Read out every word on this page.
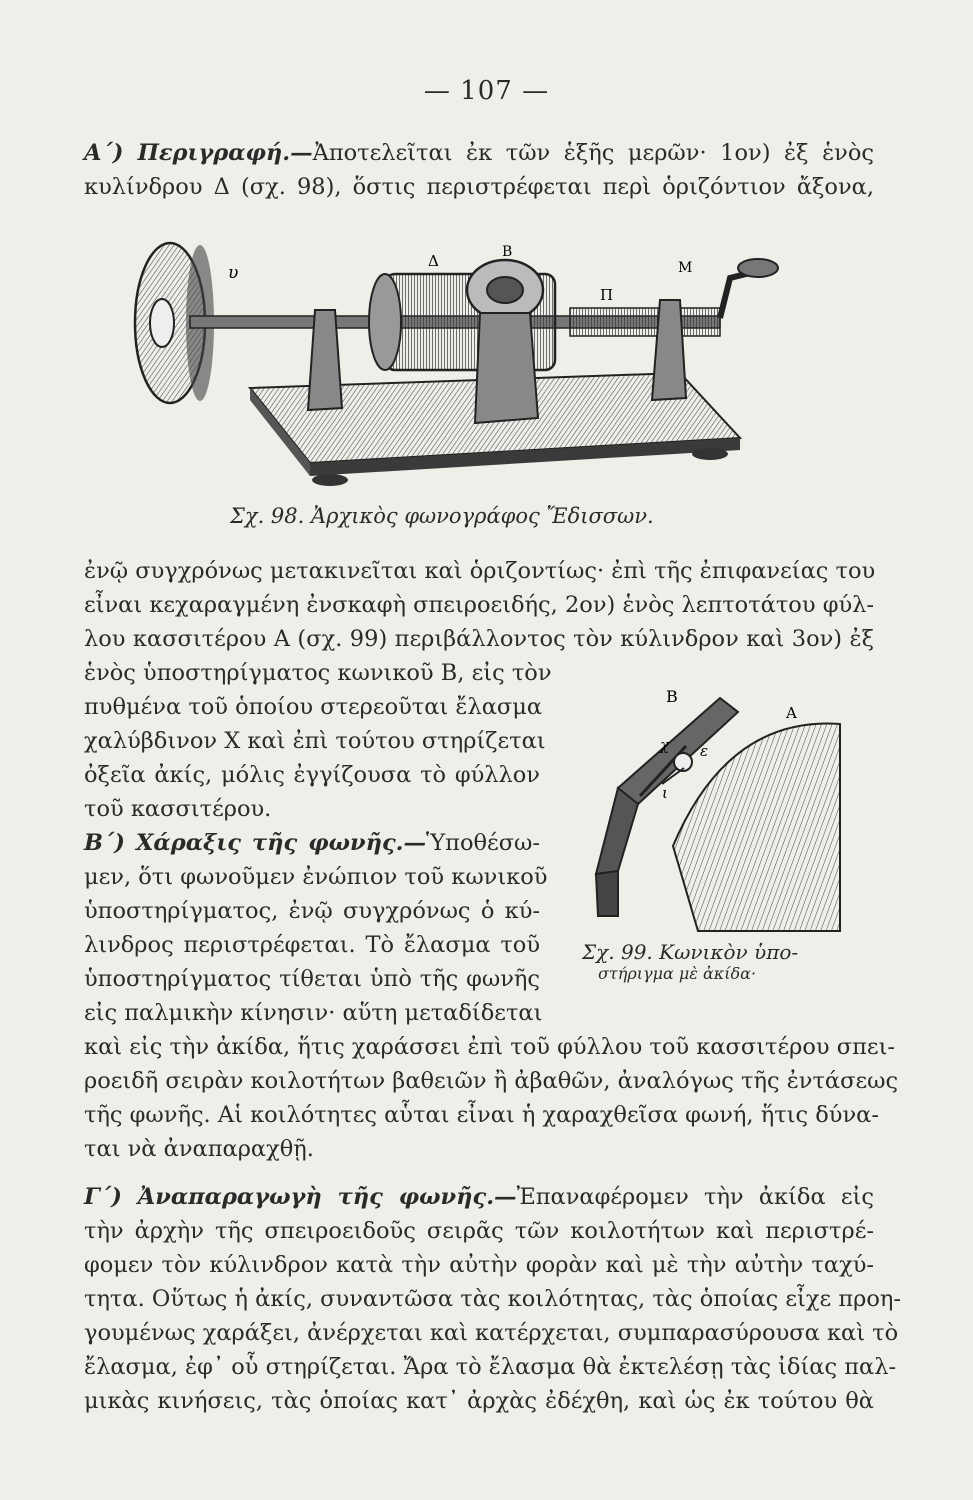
— 107 —
Α΄) Περιγραφή.—Ἀποτελεῖται ἐκ τῶν ἑξῆς μερῶν· 1ον) ἐξ ἑνὸς
κυλίνδρου Δ (σχ. 98), ὅστις περιστρέφεται περὶ ὁριζόντιον ἄξονα,
υ
Δ	Β
Π
Μ
Σχ. 98. Ἀρχικὸς φωνογράφος Ἔδισσων.
ἐνῷ συγχρόνως μετακινεῖται καὶ ὁριζοντίως· ἐπὶ τῆς ἐπιφανείας του
εἶναι κεχαραγμένη ἐνσκαφὴ σπειροειδής, 2ον) ἑνὸς λεπτοτάτου φύλ-
λου κασσιτέρου Α (σχ. 99) περιβάλλοντος τὸν κύλινδρον καὶ 3ον) ἐξ
ἑνὸς ὑποστηρίγματος κωνικοῦ Β, εἰς τὸν
πυθμένα τοῦ ὁποίου στερεοῦται ἔλασμα
χαλύβδινον Χ καὶ ἐπὶ τούτου στηρίζεται
ὀξεῖα ἀκίς, μόλις ἐγγίζουσα τὸ φύλλον
τοῦ κασσιτέρου.
Β΄) Χάραξις τῆς φωνῆς.—Ὑποθέσω-
μεν, ὅτι φωνοῦμεν ἐνώπιον τοῦ κωνικοῦ
ὑποστηρίγματος, ἐνῷ συγχρόνως ὁ κύ-
λινδρος περιστρέφεται. Τὸ ἔλασμα τοῦ
ὑποστηρίγματος τίθεται ὑπὸ τῆς φωνῆς
εἰς παλμικὴν κίνησιν· αὕτη μεταδίδεται
καὶ εἰς τὴν ἀκίδα, ἥτις χαράσσει ἐπὶ τοῦ φύλλου τοῦ κασσιτέρου σπει-
ροειδῆ σειρὰν κοιλοτήτων βαθειῶν ἢ ἀβαθῶν, ἀναλόγως τῆς ἐντάσεως
τῆς φωνῆς. Αἱ κοιλότητες αὗται εἶναι ἡ χαραχθεῖσα φωνή, ἥτις δύνα-
ται νὰ ἀναπαραχθῇ.
Β
Α
χ ε
ι
Σχ. 99. Κωνικὸν ὑπο-
στήριγμα μὲ ἀκίδα·
Γ΄) Ἀναπαραγωγὴ τῆς φωνῆς.—Ἐπαναφέρομεν τὴν ἀκίδα εἰς
τὴν ἀρχὴν τῆς σπειροειδοῦς σειρᾶς τῶν κοιλοτήτων καὶ περιστρέ-
φομεν τὸν κύλινδρον κατὰ τὴν αὐτὴν φορὰν καὶ μὲ τὴν αὐτὴν ταχύ-
τητα. Οὕτως ἡ ἀκίς, συναντῶσα τὰς κοιλότητας, τὰς ὁποίας εἶχε προη-
γουμένως χαράξει, ἀνέρχεται καὶ κατέρχεται, συμπαρασύρουσα καὶ τὸ
ἔλασμα, ἐφ᾽ οὗ στηρίζεται. Ἄρα τὸ ἔλασμα θὰ ἐκτελέσῃ τὰς ἰδίας παλ-
μικὰς κινήσεις, τὰς ὁποίας κατ᾽ ἀρχὰς ἐδέχθη, καὶ ὡς ἐκ τούτου θὰ
